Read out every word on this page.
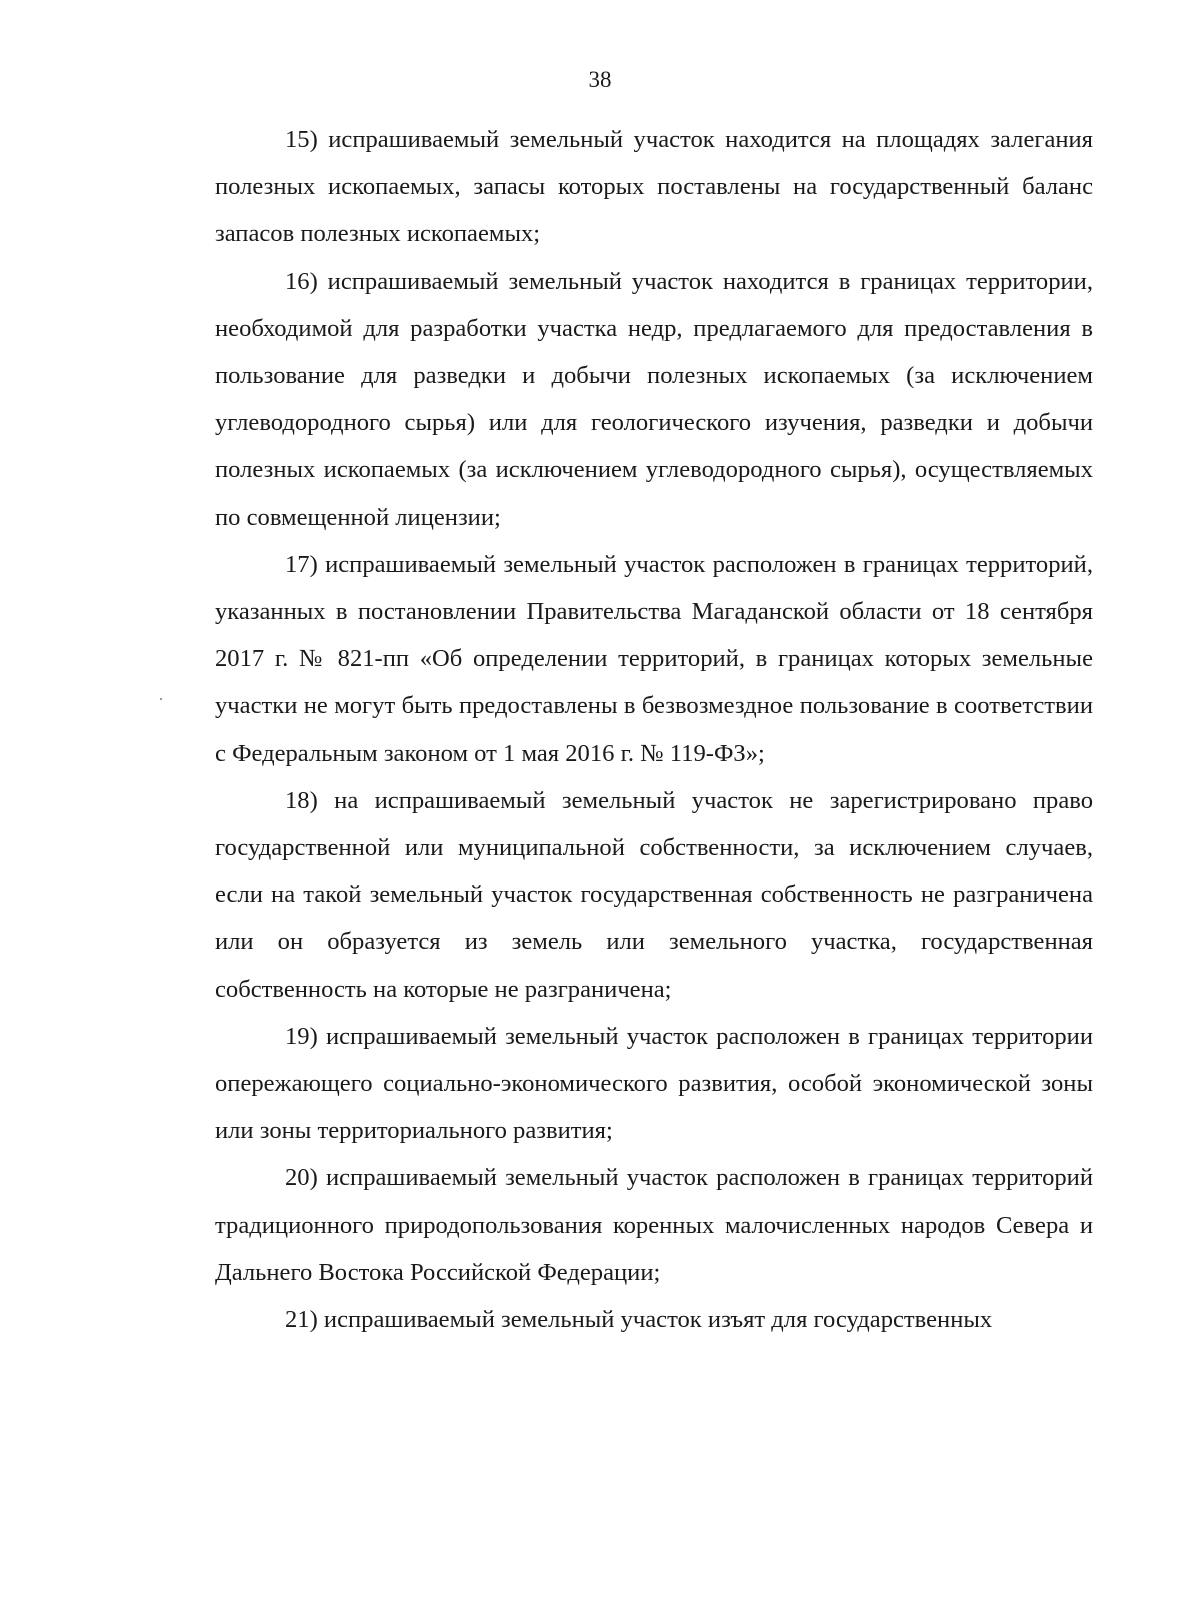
38

15) испрашиваемый земельный участок находится на площадях залегания полезных ископаемых, запасы которых поставлены на государственный баланс запасов полезных ископаемых;

16) испрашиваемый земельный участок находится в границах территории, необходимой для разработки участка недр, предлагаемого для предоставления в пользование для разведки и добычи полезных ископаемых (за исключением углеводородного сырья) или для геологического изучения, разведки и добычи полезных ископаемых (за исключением углеводородного сырья), осуществляемых по совмещенной лицензии;

17) испрашиваемый земельный участок расположен в границах территорий, указанных в постановлении Правительства Магаданской области от 18 сентября 2017 г. № 821-пп «Об определении территорий, в границах которых земельные участки не могут быть предоставлены в безвозмездное пользование в соответствии с Федеральным законом от 1 мая 2016 г. № 119-ФЗ»;

18) на испрашиваемый земельный участок не зарегистрировано право государственной или муниципальной собственности, за исключением случаев, если на такой земельный участок государственная собственность не разграничена или он образуется из земель или земельного участка, государственная собственность на которые не разграничена;

19) испрашиваемый земельный участок расположен в границах территории опережающего социально-экономического развития, особой экономической зоны или зоны территориального развития;

20) испрашиваемый земельный участок расположен в границах территорий традиционного природопользования коренных малочисленных народов Севера и Дальнего Востока Российской Федерации;

21) испрашиваемый земельный участок изъят для государственных
